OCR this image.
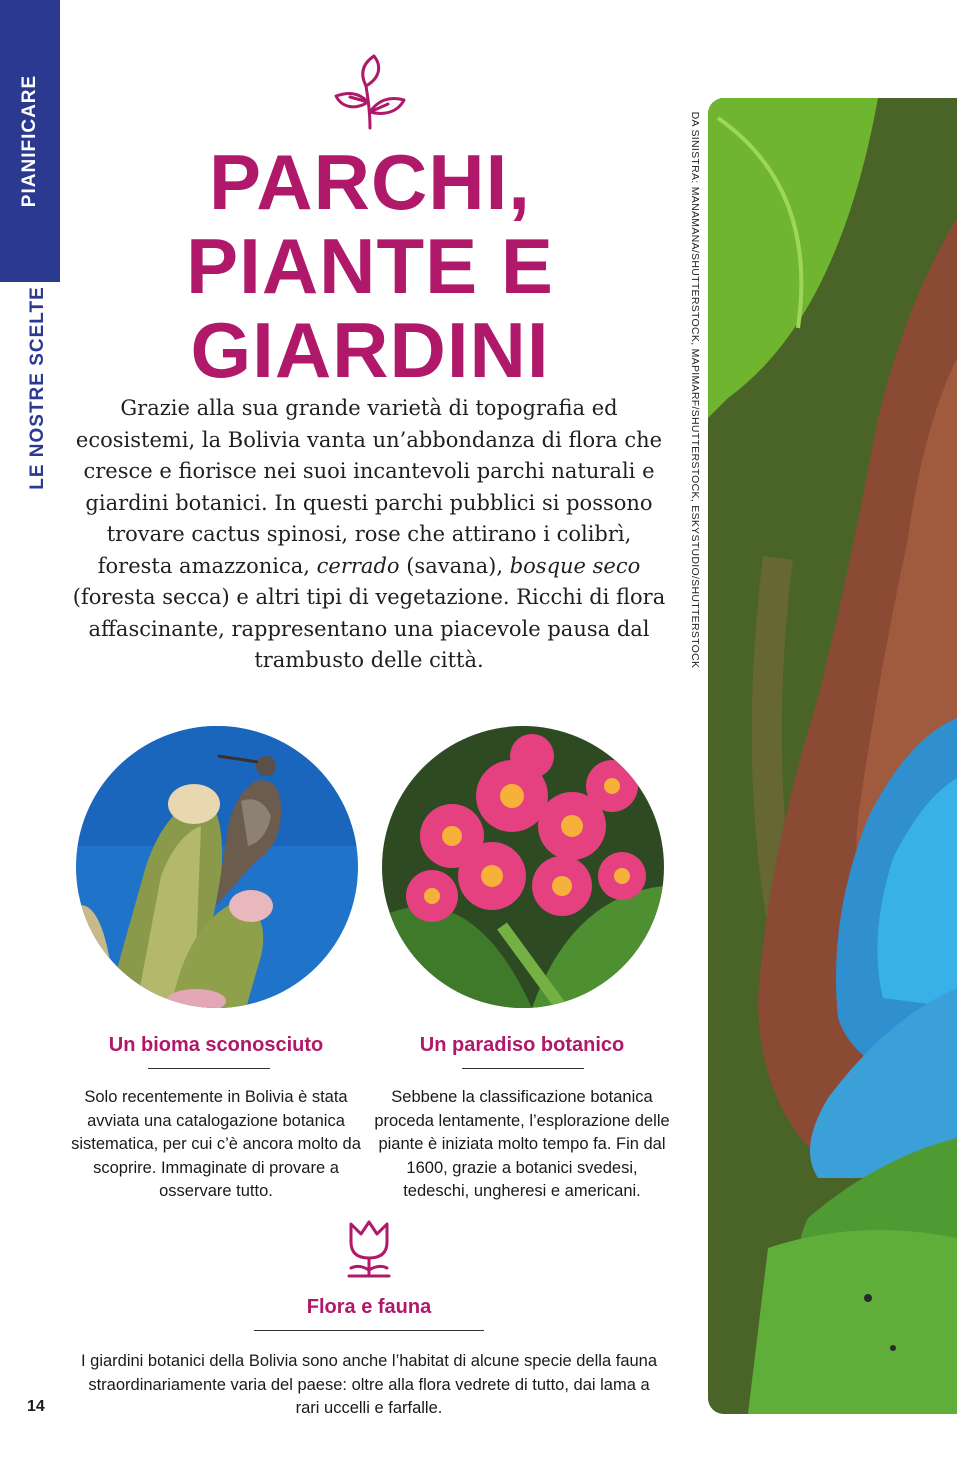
PIANIFICARE
LE NOSTRE SCELTE
PARCHI,
PIANTE E
GIARDINI

Grazie alla sua grande varietà di topografia ed ecosistemi, la Bolivia vanta un’abbondanza di flora che cresce e fiorisce nei suoi incantevoli parchi naturali e giardini botanici. In questi parchi pubblici si possono trovare cactus spinosi, rose che attirano i colibrì, foresta amazzonica, cerrado (savana), bosque seco (foresta secca) e altri tipi di vegetazione. Ricchi di flora affascinante, rappresentano una piacevole pausa dal trambusto delle città.

Un bioma sconosciuto

Solo recentemente in Bolivia è stata avviata una catalogazione botanica sistematica, per cui c’è ancora molto da scoprire. Immaginate di provare a osservare tutto.

Un paradiso botanico

Sebbene la classificazione botanica proceda lentamente, l’esplorazione delle piante è iniziata molto tempo fa. Fin dal 1600, grazie a botanici svedesi, tedeschi, ungheresi e americani.

Flora e fauna

I giardini botanici della Bolivia sono anche l’habitat di alcune specie della fauna straordinariamente varia del paese: oltre alla flora vedrete di tutto, dai lama a rari uccelli e farfalle.

DA SINISTRA: MANAMANA/SHUTTERSTOCK, MAPIMARF/SHUTTERSTOCK, ESKYSTUDIO/SHUTTERSTOCK
14
